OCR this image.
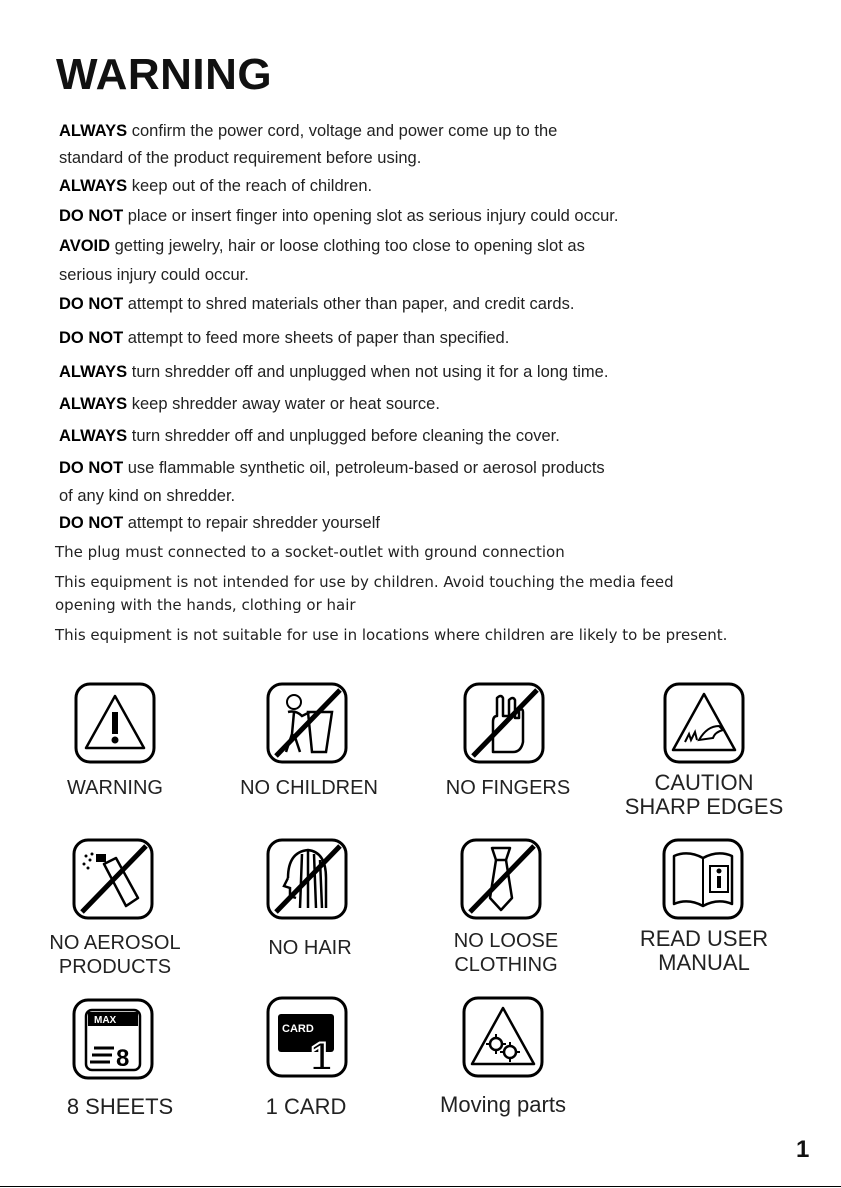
WARNING
ALWAYS confirm the power cord, voltage and power come up to the
standard of the product requirement before using.
ALWAYS keep out of the reach of children.
DO NOT place or insert finger into opening slot as serious injury could occur.
AVOID getting jewelry, hair or loose clothing too close to opening slot as
serious injury could occur.
DO NOT attempt to shred materials other than paper, and credit cards.
DO NOT attempt to feed more sheets of paper than specified.
ALWAYS turn shredder off and unplugged when not using it for a long time.
ALWAYS keep shredder away water or heat source.
ALWAYS turn shredder off and unplugged before cleaning the cover.
DO NOT use flammable synthetic oil, petroleum-based or aerosol products
of any kind on shredder.
DO NOT attempt to repair shredder yourself
The plug must connected to a socket-outlet with ground connection
This equipment is not intended for use by children. Avoid touching the media feed
opening with the hands, clothing or hair
This equipment is not suitable for use in locations where children are likely to be present.
WARNING	NO CHILDREN	NO FINGERS	CAUTION
SHARP EDGES
NO AEROSOL
PRODUCTS
NO HAIR	NO LOOSE
CLOTHING
READ USER
MANUAL
MAX
8
8 SHEETS
CARD
1
1 CARD	Moving parts
1
